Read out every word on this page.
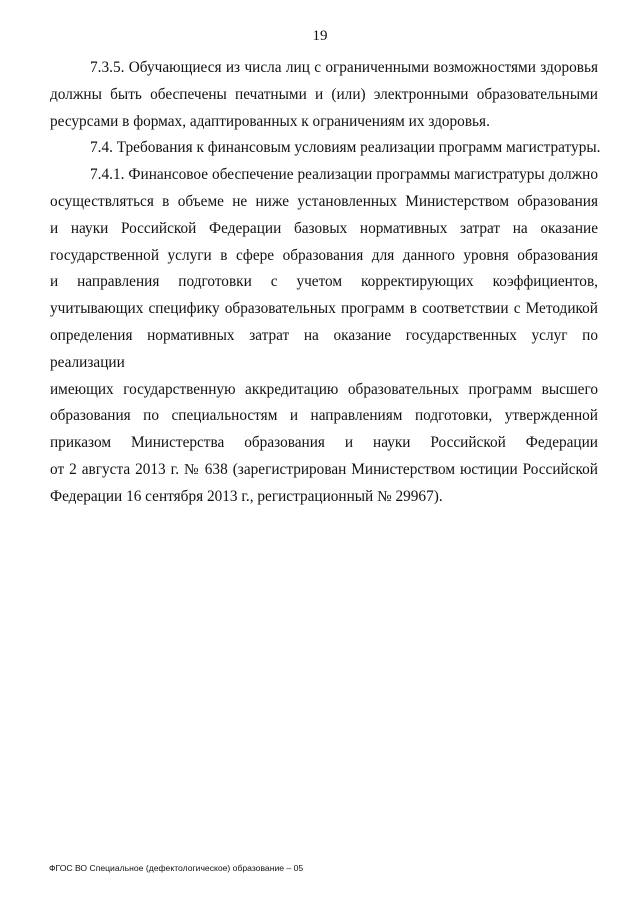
19

7.3.5. Обучающиеся из числа лиц с ограниченными возможностями здоровья
должны быть обеспечены печатными и (или) электронными образовательными
ресурсами в формах, адаптированных к ограничениям их здоровья.

7.4. Требования к финансовым условиям реализации программ магистратуры.

7.4.1. Финансовое обеспечение реализации программы магистратуры должно
осуществляться в объеме не ниже установленных Министерством образования
и науки Российской Федерации базовых нормативных затрат на оказание
государственной услуги в сфере образования для данного уровня образования
и направления подготовки с учетом корректирующих коэффициентов,
учитывающих специфику образовательных программ в соответствии с Методикой
определения нормативных затрат на оказание государственных услуг по реализации
имеющих государственную аккредитацию образовательных программ высшего
образования по специальностям и направлениям подготовки, утвержденной
приказом Министерства образования и науки Российской Федерации
от 2 августа 2013 г. № 638 (зарегистрирован Министерством юстиции Российской
Федерации 16 сентября 2013 г., регистрационный № 29967).

ФГОС ВО Специальное (дефектологическое) образование – 05
